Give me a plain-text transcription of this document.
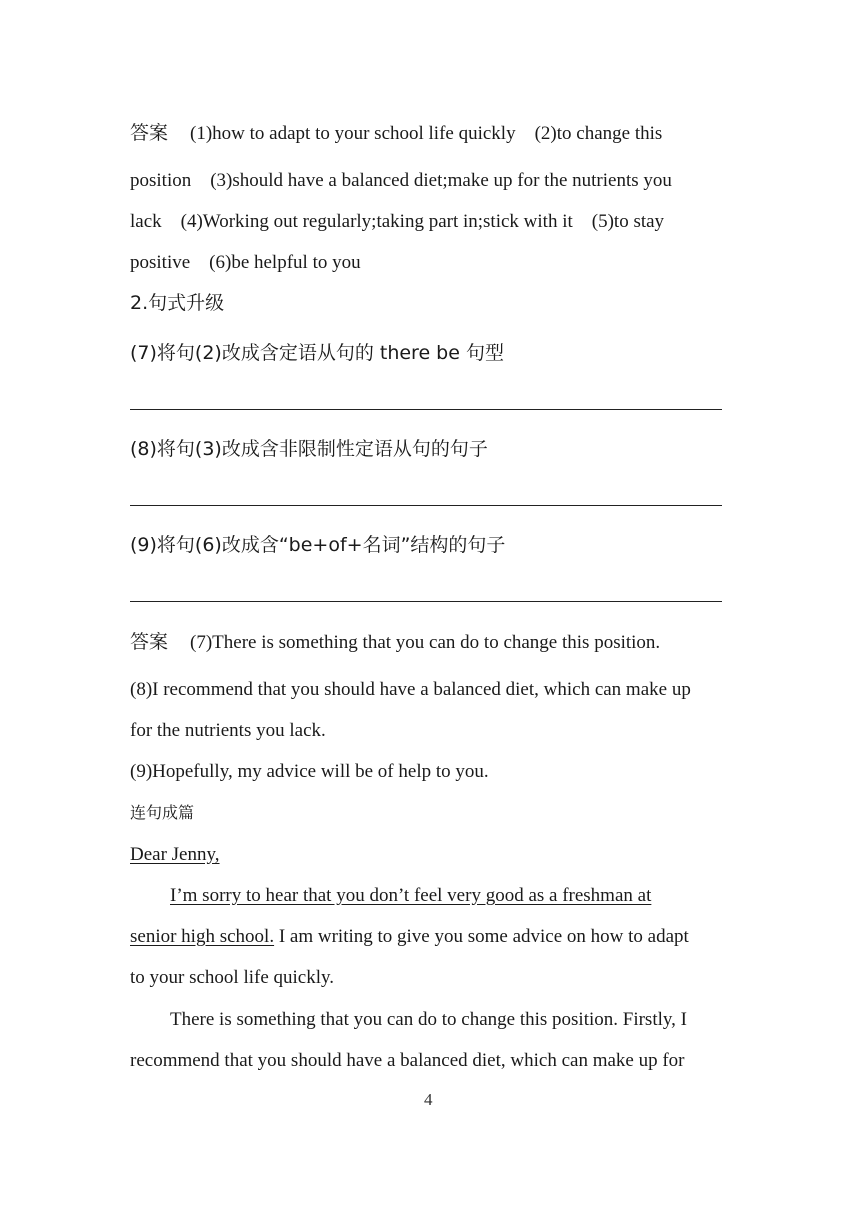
答案 (1)how to adapt to your school life quickly    (2)to change this
position    (3)should have a balanced diet;make up for the nutrients you
lack    (4)Working out regularly;taking part in;stick with it    (5)to stay
positive    (6)be helpful to you
2.句式升级
(7)将句(2)改成含定语从句的 there be 句型
(8)将句(3)改成含非限制性定语从句的句子
(9)将句(6)改成含“be+of+名词”结构的句子
答案 (7)There is something that you can do to change this position.
(8)I recommend that you should have a balanced diet, which can make up
for the nutrients you lack.
(9)Hopefully, my advice will be of help to you.
连句成篇
Dear Jenny,
I’m sorry to hear that you don’t feel very good as a freshman at
senior high school. I am writing to give you some advice on how to adapt
to your school life quickly.
There is something that you can do to change this position. Firstly, I
recommend that you should have a balanced diet, which can make up for
4
